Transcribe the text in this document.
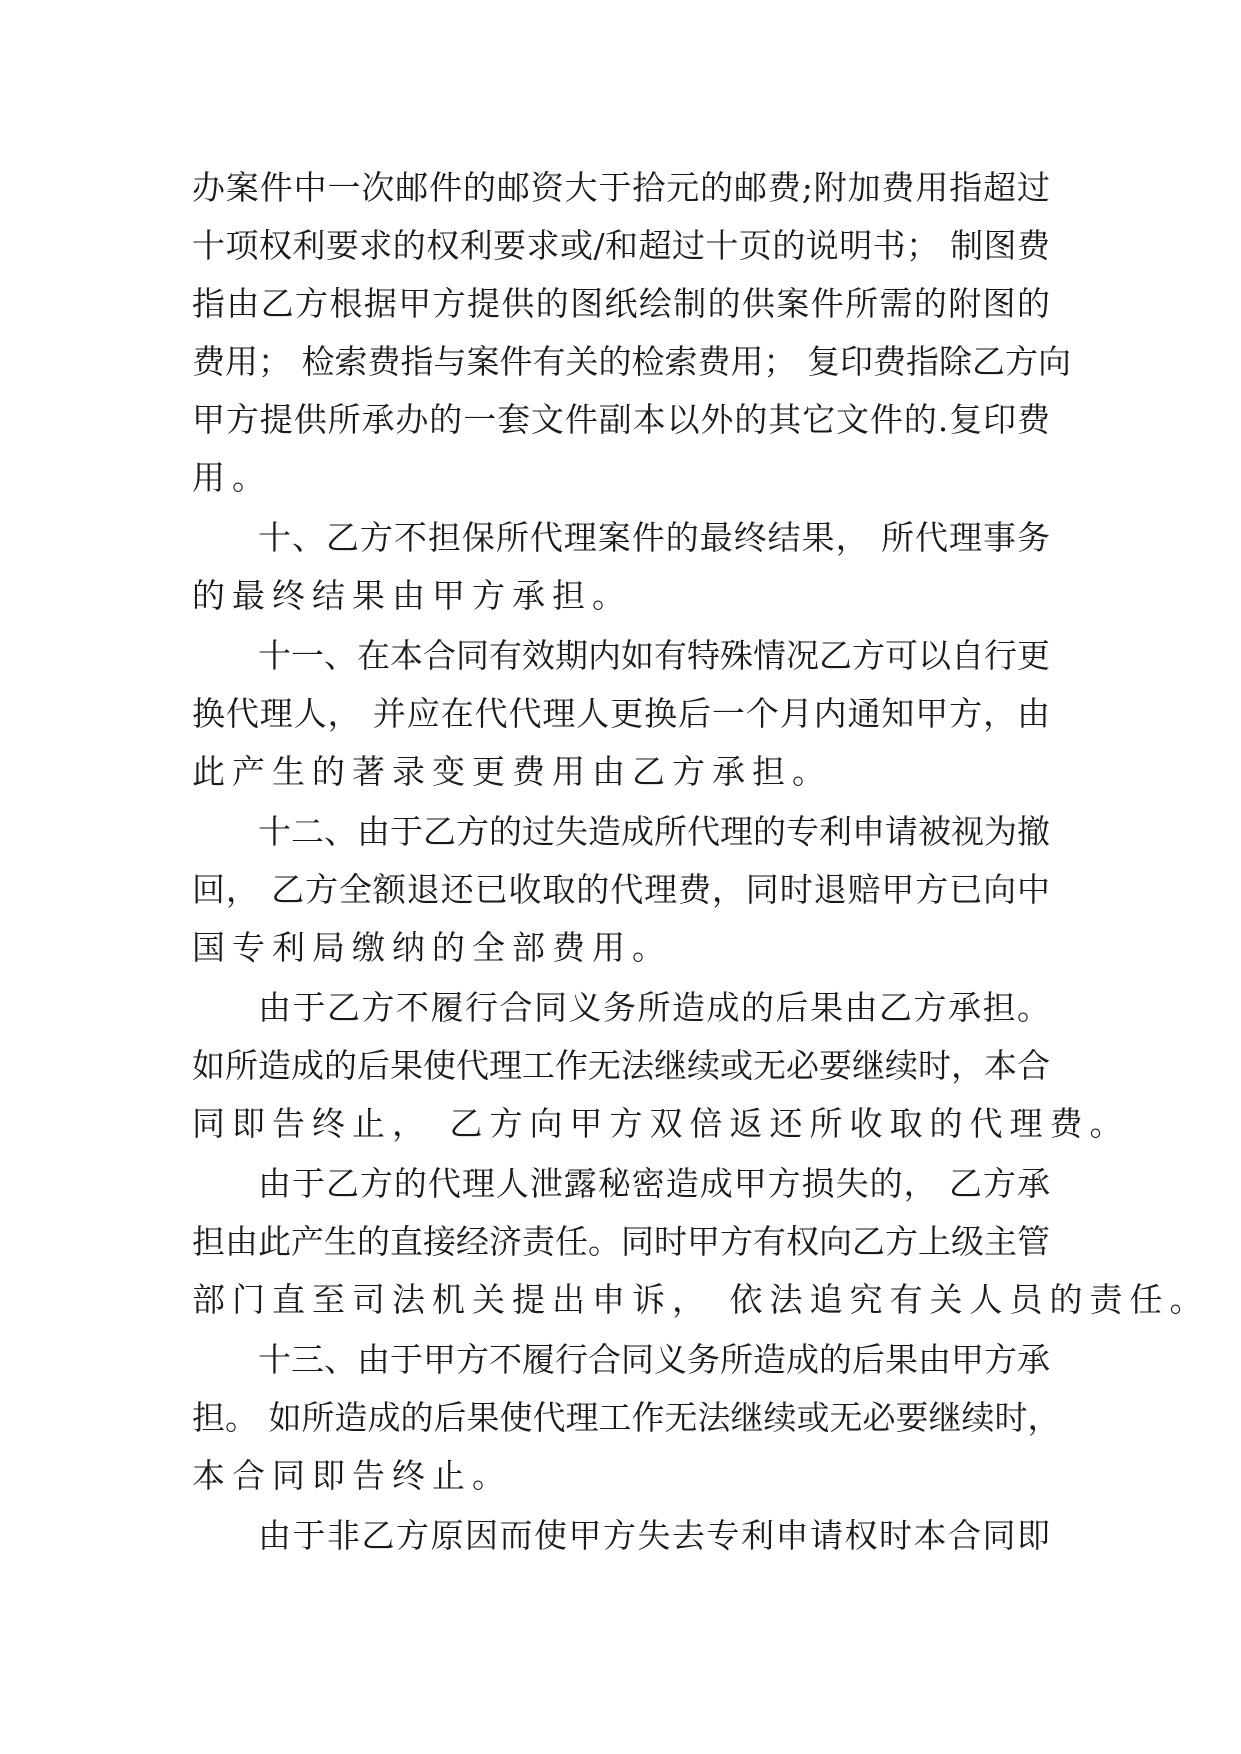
办案件中一次邮件的邮资大于拾元的邮费;附加费用指超过
十项权利要求的权利要求或/和超过十页的说明书； 制图费
指由乙方根据甲方提供的图纸绘制的供案件所需的附图的
费用； 检索费指与案件有关的检索费用； 复印费指除乙方向
甲方提供所承办的一套文件副本以外的其它文件的.复印费
用。
十、乙方不担保所代理案件的最终结果， 所代理事务
的最终结果由甲方承担。
十一、在本合同有效期内如有特殊情况乙方可以自行更
换代理人， 并应在代代理人更换后一个月内通知甲方，由
此产生的著录变更费用由乙方承担。
十二、由于乙方的过失造成所代理的专利申请被视为撤
回， 乙方全额退还已收取的代理费，同时退赔甲方已向中
国专利局缴纳的全部费用。
由于乙方不履行合同义务所造成的后果由乙方承担。
如所造成的后果使代理工作无法继续或无必要继续时，本合
同即告终止， 乙方向甲方双倍返还所收取的代理费。
由于乙方的代理人泄露秘密造成甲方损失的， 乙方承
担由此产生的直接经济责任。同时甲方有权向乙方上级主管
部门直至司法机关提出申诉， 依法追究有关人员的责任。
十三、由于甲方不履行合同义务所造成的后果由甲方承
担。 如所造成的后果使代理工作无法继续或无必要继续时，
本合同即告终止。
由于非乙方原因而使甲方失去专利申请权时本合同即
